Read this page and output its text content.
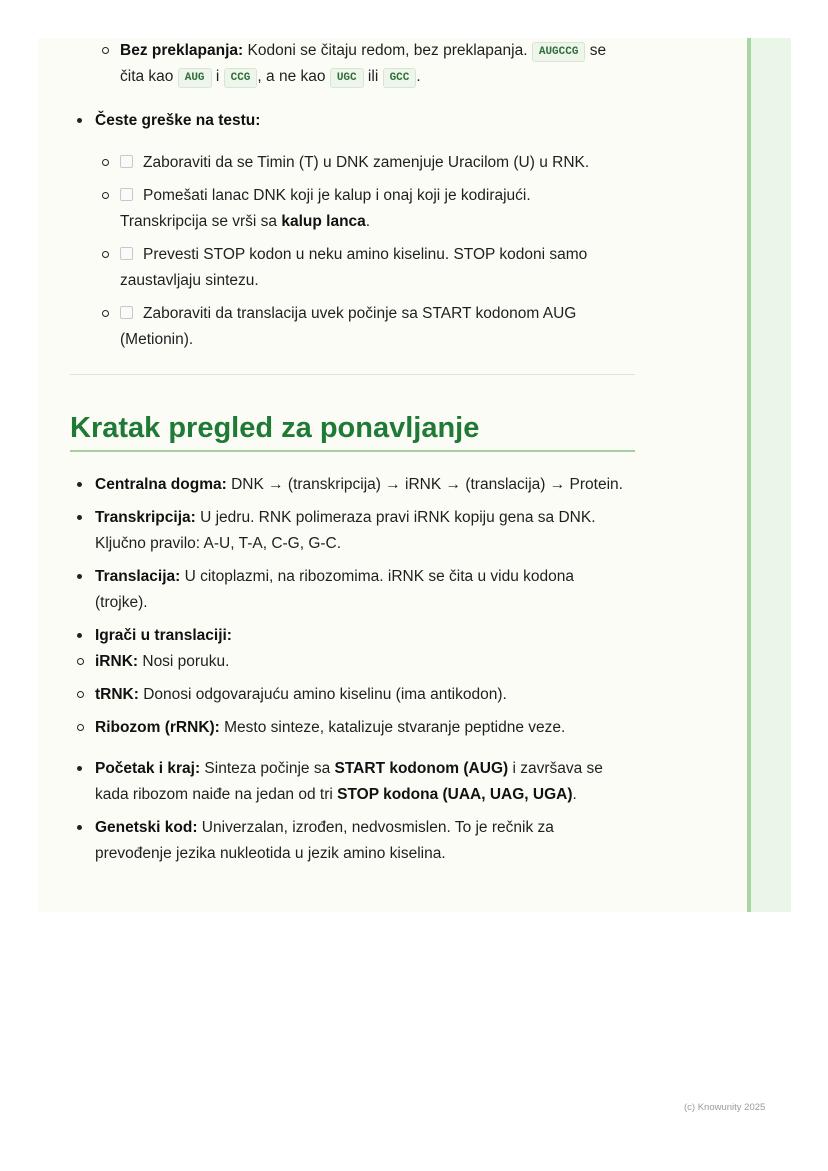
Bez preklapanja: Kodoni se čitaju redom, bez preklapanja. AUGCCG se
čita kao AUG i CCG , a ne kao UGC ili GCC .
Česte greške na testu:
Zaboraviti da se Timin (T) u DNK zamenjuje Uracilom (U) u RNK.
Pomešati lanac DNK koji je kalup i onaj koji je kodirajući.
Transkripcija se vrši sa kalup lanca.
Prevesti STOP kodon u neku amino kiselinu. STOP kodoni samo
zaustavljaju sintezu.
Zaboraviti da translacija uvek počinje sa START kodonom AUG
(Metionin).
Kratak pregled za ponavljanje
Centralna dogma: DNK → (transkripcija) → iRNK → (translacija) → Protein.
Transkripcija: U jedru. RNK polimeraza pravi iRNK kopiju gena sa DNK.
Ključno pravilo: A-U, T-A, C-G, G-C.
Translacija: U citoplazmi, na ribozomima. iRNK se čita u vidu kodona
(trojke).
Igrači u translaciji:
iRNK: Nosi poruku.
tRNK: Donosi odgovarajuću amino kiselinu (ima antikodon).
Ribozom (rRNK): Mesto sinteze, katalizuje stvaranje peptidne veze.
Početak i kraj: Sinteza počinje sa START kodonom (AUG) i završava se
kada ribozom naiđe na jedan od tri STOP kodona (UAA, UAG, UGA).
Genetski kod: Univerzalan, izrođen, nedvosmislen. To je rečnik za
prevođenje jezika nukleotida u jezik amino kiselina.
(c) Knowunity 2025
